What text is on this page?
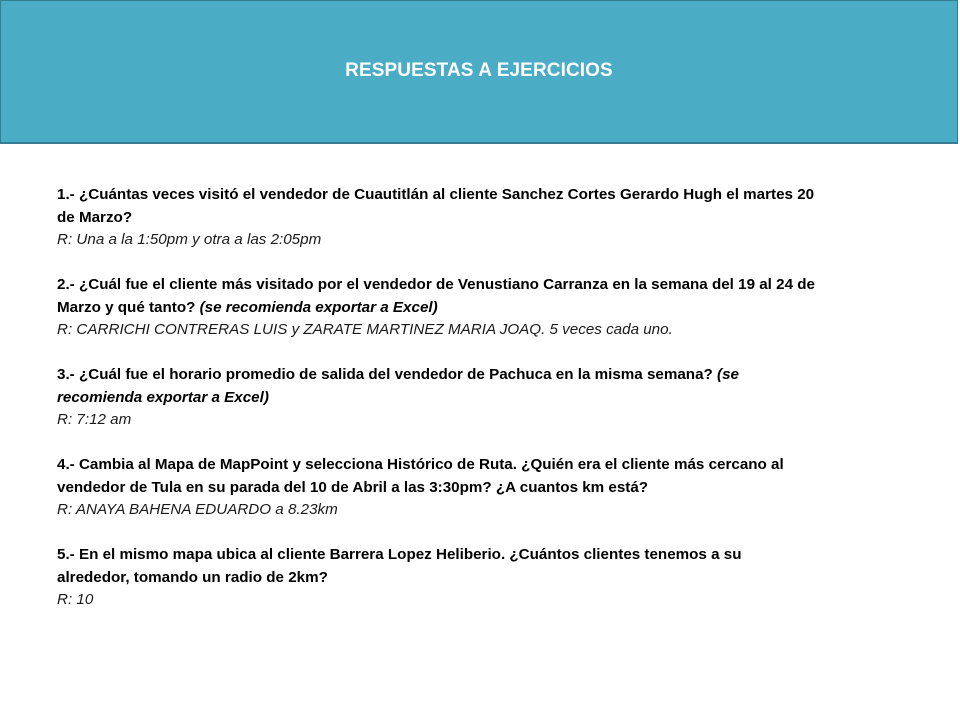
RESPUESTAS A EJERCICIOS
1.- ¿Cuántas veces visitó el vendedor de Cuautitlán al cliente Sanchez Cortes Gerardo Hugh el martes 20 de Marzo?
R: Una a la 1:50pm y otra a las 2:05pm
2.- ¿Cuál fue el cliente más visitado por el vendedor de Venustiano Carranza en la semana del 19 al 24 de Marzo y qué tanto? (se recomienda exportar a Excel)
R: CARRICHI CONTRERAS LUIS y ZARATE MARTINEZ MARIA JOAQ. 5 veces cada uno.
3.- ¿Cuál fue el horario promedio de salida del vendedor de Pachuca en la misma semana? (se recomienda exportar a Excel)
R: 7:12 am
4.- Cambia al Mapa de MapPoint y selecciona Histórico de Ruta. ¿Quién era el cliente más cercano al vendedor de Tula en su parada del 10 de Abril a las 3:30pm? ¿A cuantos km está?
R: ANAYA BAHENA EDUARDO a 8.23km
5.- En el mismo mapa ubica al cliente Barrera Lopez Heliberio. ¿Cuántos clientes tenemos a su alrededor, tomando un radio de 2km?
R: 10
